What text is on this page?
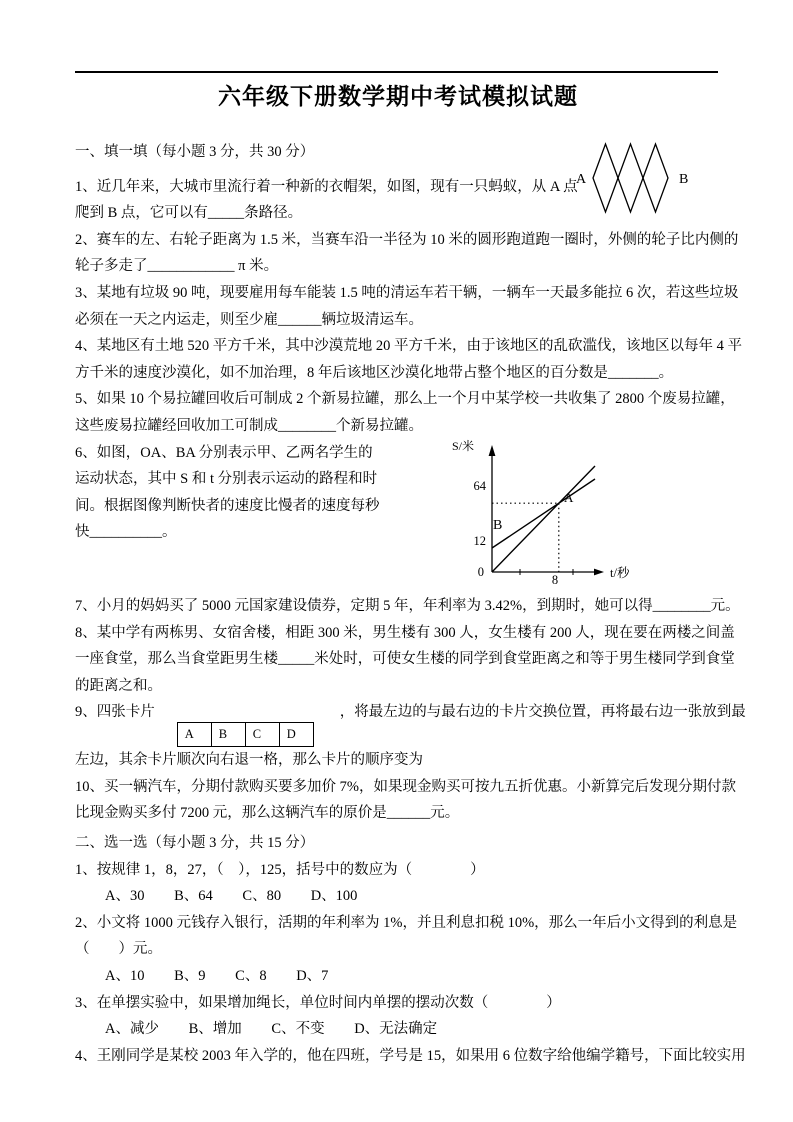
A	B
S/米
t/秒
64
12
0
8
A
B
六年级下册数学期中考试模拟试题
一、填一填（每小题 3 分，共 30 分）
1、近几年来，大城市里流行着一种新的衣帽架，如图，现有一只蚂蚁，从 A 点
爬到 B 点，它可以有_____条路径。
2、赛车的左、右轮子距离为 1.5 米，当赛车沿一半径为 10 米的圆形跑道跑一圈时，外侧的轮子比内侧的
轮子多走了____________ π 米。
3、某地有垃圾 90 吨，现要雇用每车能装 1.5 吨的清运车若干辆，一辆车一天最多能拉 6 次，若这些垃圾
必须在一天之内运走，则至少雇______辆垃圾清运车。
4、某地区有土地 520 平方千米，其中沙漠荒地 20 平方千米，由于该地区的乱砍滥伐，该地区以每年 4 平
方千米的速度沙漠化，如不加治理，8 年后该地区沙漠化地带占整个地区的百分数是_______。
5、如果 10 个易拉罐回收后可制成 2 个新易拉罐，那么上一个月中某学校一共收集了 2800 个废易拉罐，
这些废易拉罐经回收加工可制成________个新易拉罐。
6、如图，OA、BA 分别表示甲、乙两名学生的
运动状态，其中 S 和 t 分别表示运动的路程和时
间。根据图像判断快者的速度比慢者的速度每秒
快__________。
7、小月的妈妈买了 5000 元国家建设债券，定期 5 年，年利率为 3.42%，到期时，她可以得________元。
8、某中学有两栋男、女宿舍楼，相距 300 米，男生楼有 300 人，女生楼有 200 人，现在要在两楼之间盖
一座食堂，那么当食堂距男生楼_____米处时，可使女生楼的同学到食堂距离之和等于男生楼同学到食堂
的距离之和。
9、四张卡片A B C D，将最左边的与最右边的卡片交换位置，再将最右边一张放到最
左边，其余卡片顺次向右退一格，那么卡片的顺序变为
10、买一辆汽车，分期付款购买要多加价 7%，如果现金购买可按九五折优惠。小新算完后发现分期付款
比现金购买多付 7200 元，那么这辆汽车的原价是______元。
二、选一选（每小题 3 分，共 15 分）
1、按规律 1，8，27，（　），125，括号中的数应为（　　　　）
A、30 B、64 C、80 D、100
2、小文将 1000 元钱存入银行，活期的年利率为 1%，并且利息扣税 10%，那么一年后小文得到的利息是
（　　）元。
A、10 B、9 C、8 D、7
3、在单摆实验中，如果增加绳长，单位时间内单摆的摆动次数（　　　　）
A、减少 B、增加 C、不变 D、无法确定
4、王刚同学是某校 2003 年入学的，他在四班，学号是 15，如果用 6 位数字给他编学籍号，下面比较实用
